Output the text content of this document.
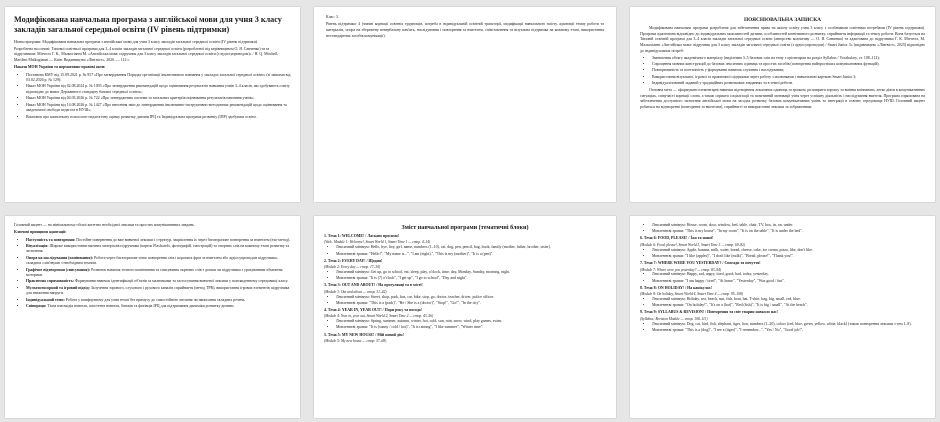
Модифікована навчальна програма з англійської мови для учня 3 класу закладів загальної середньої освіти (IV рівень підтримки)

Назва програми: Модифікована навчальна програма з англійської мови для учня 3 класу закладів загальної середньої освіти (IV рівень підтримки).

Розроблена на основі: Типової освітньої програми для 3–4 класів закладів загальної середньої освіти (розробленої під керівництвом О. Я. Савченко) та за підручником: Мітчелл Г. К., Малкогіанні М. «Англійська мова: підручник для 3 класу закладів загальної середньої освіти (з аудіосупроводом)» / Н. Q. Mitchell, Marileni Malkogianni — Київ: Видавництво «Лінгвіст», 2020. — 112 с.

Накази МОН України та нормативно-правові акти:

• Постанова КМУ від 15.09.2021 р. № 957 «Про затвердження Порядку організації інклюзивного навчання у закладах загальної середньої освіти» (зі змінами від 03.02.2026 р. № 129);
• Наказ МОН України від 02.08.2024 р. № 1093 «Про затвердження рекомендацій щодо оцінювання результатів навчання учнів 3–4 класів, які здобувають освіту відповідно до вимог Державного стандарту базової середньої освіти»;
• Наказ МОН України від 04.03.2026 р. № 722 «Про затвердження системи та загальних критеріїв оцінювання результатів навчання учнів»;
• Наказ МОН України від 14.08.2026 р. № 1427 «Про внесення змін до затвердження інклюзивно-інструктивно-методичних рекомендацій щодо оцінювання та академічної свободи педагога в НУШ»;
• Висновок про комплексну психолого-педагогічну оцінку розвитку дитини ІРЦ та Індивідуальна програма розвитку (ІПР) здобувача освіти.

Клас: 3.

Рівень підтримки: 4 (значні корекції освітніх труднощів, потреба в індивідуальній освітній траєкторії, модифікації навчального змісту, адаптації темпу роботи та матеріалів, опора на збережену невербальну пам'ять, наслідування і повторення за вчителем, співставлення та візуальна підтримка на кожному етапі, використання нестандартних засобів комунікації).

ПОЯСНЮВАЛЬНА ЗАПИСКА

Модифікована навчальна програма розроблена для забезпечення права на якісну освіту учня 3 класу з особливими освітніми потребами (IV рівень підтримки). Програма адаптована відповідно до індивідуальних можливостей дитини, особливостей когнітивного розвитку, сприйняття інформації та темпу роботи. Вона базується на Типовій освітній програмі для 3–4 класів закладів загальної середньої освіти (авторство колективу — О. Я. Савченко) та адаптована до підручника Г. К. Мітчелл, М. Малкогіанні «Англійська мова: підручник для 3 класу закладів загальної середньої освіти (з аудіосупроводом) / Smart Junior 3» (видавництво «Лінгвіст», 2025) відповідно до індивідуальних потреб:

• Зменшення обсягу академічного матеріалу (виділення 3–5 базових слів на тему з орієнтиром на розділ Syllabus / Vocabulary, ст. 108–112);
• Спрощення мовних конструкцій до базових лексичних одиниць та простих засобів (повторення найпростіших комунікативних функцій);
• Повторюваність та поетапність у формуванні навичок слухання і наслідування;
• Використання візуальної, ігрової та практичної підтримки через роботу з малюнками і навчальною карткою Smart Junior 3;
• Індивідуалізований заданий у традиційних розвиткових завданнях та в темпі роботи.

Основна мета — сформувати елементарні навички відтворення лексичних одиниць за зразком, розширити хорошу та вміння впізнавати, легко діяти в комунікативних ситуаціях, співучасті корекції слова, а також сприяти соціалізації та позитивній мотивації учня через успішну діяльність і наслідування вчителя. Програма спрямована на забезпечення доступного засвоєння англійської мови на засадах розвитку базових комунікативних умінь та інтеграції в освітнє середовище НУШ. Головний акцент робиться на відтворенні (повторенні за вчителем), сприйнятті та використанні лексики за зображенням.

Головний акцент — на мінімальному обсязі життєво необхідної лексики та простих комунікативних завдань.

Ключові принципи адаптації:

• Наступність та повторення: Постійне повернення до вже вивченої лексики і структур, закріплення їх через багаторазове повторення за вчителем (ехо-метод).
• Візуалізація: Широке використання наочних матеріалів підручника (карток Flashcards, фотографій, ілюстрацій) та опорних слів на кожному етапі розвитку та засвоєння.
• Опора на наслідування (копіювання): Робота через багаторазове чітке повторення слів і коротких фраз за вчителем або аудіосупроводом підручника, складних слів/звуків з необхідним темпом.
• Графічне відтворення (списування): Розвиток навичок точного копіювання та списування окремих слів з дошки чи підручника з урахуванням обмежень моторики.
• Практична спрямованість: Формування навичок ідентифікації об'єктів за малюнками та застосування вивченої лексики у повсякденному середовищі класу.
• Мультисенсорний та ігровий підхід: Залучення зорового, слухового і рухового каналів сприйняття (метод TPR), використання ігрових елементів підручника для зниження напруги.
• Індивідуальний темп: Робота у комфортному для учня темпі без примусу до самостійного читання чи написання складних речень.
• Співпраця: Тісна взаємодія вчителя, асистента вчителя, батьків та фахівців ІРЦ для підтримання динаміки розвитку дитини.
Зміст навчальної програми (тематичні блоки)

1. Тема 1: WELCOME! / Ласкаво просимо!

(Welc. Module 1: Welcome!, Smart World 1, Smart Time 1 — стор. 4–14)

• Лексичний мінімум: Hello, bye, boy, girl, name, numbers (1–10), cat, dog, pen, pencil, bag, book, family (mother, father, brother, sister).
• Мовленнєві зразки: "Hello!", "My name is...", "I am (eight).", "This is my (mother)", "It is a (pen)".

2. Тема 2: EVERY DAY! / Щодня!

(Module 2: Every day — стор. 17–30)

• Лексичний мінімум: Get up, go to school, eat, sleep, play, o'clock, time, day, Monday, Sunday, morning, night.
• Мовленнєві зразки: "It is (7) o'clock", "I get up", "I go to school", "Day and night".

3. Тема 3: OUT AND ABOUT! / На прогулянці та в місті!

(Module 3: Out and about — стор. 31–42)

• Лексичний мінімум: Street, shop, park, bus, car, bike, stop, go, doctor, teacher, driver, police officer.
• Мовленнєві зразки: "This is a (park)", "He / She is a (doctor)", "Stop!", "Go!", "In the city".

4. Тема 4: YEAR IN, YEAR OUT! / Пори року та погода!

(Module 4: Year in, year out, Smart World 2, Smart Time 2 — стор. 43–56)

• Лексичний мінімум: Spring, summer, autumn, winter, hot, cold, sun, rain, snow, wind, play games, swim.
• Мовленнєві зразки: "It is (sunny / cold / hot)", "It is raining", "I like summer", "Winter time".

5. Тема 5: MY NEW HOUSE! / Мій новий дім!

(Module 5: My new house — стор. 57–68)

• Лексичний мінімум: House, room, door, window, bed, table, chair, TV, box, in, on, under.
• Мовленнєві зразки: "This is my house", "In my room", "It is on the table", "It is under the bed".

6. Тема 6: FOOD, PLEASE! / Їжа та напої!

(Module 6: Food, please!, Smart World 3, Smart Time 3 — стор. 69–82)

• Лексичний мінімум: Apple, banana, milk, water, bread, cheese, cake, ice cream, pizza, like, don't like.
• Мовленнєві зразки: "I like (apples)", "I don't like (milk)", "Bread, please!", "Thank you!".

7. Тема 7: WHERE WERE YOU YESTERDAY? / Спогади та почуття!

(Module 7: Where were you yesterday? — стор. 83–94)

• Лексичний мінімум: Happy, sad, angry, tired, good, bad, today, yesterday.
• Мовленнєві зразки: "I am happy / tired", "At home", "Yesterday", "Was good / fun".

8. Тема 8: ON HOLIDAY! / На канікулах!

(Module 8: On holiday, Smart World 4, Smart Time 4 — стор. 95–108)

• Лексичний мінімум: Holiday, sea, beach, sun, fish, boat, hat, T-shirt, bag, big, small, red, blue.
• Мовленнєві зразки: "On holiday!", "It's on a (hat)", "Red (fish)", "It is big / small", "At the beach".

9. Тема 9: SYLLABUS & REVISION! / Повторення та світ тварин навколо нас!

(Syllabus; Revision Module — стор. 108–111)

• Лексичний мінімум: Dog, cat, bird, fish, elephant, tiger, lion, numbers (1–20), colors (red, blue, green, yellow, white, black) (також повторення лексики з тем 1–8).
• Мовленнєві зразки: "This is a (dog)", "I see a (tiger)", "I remember...", "Yes / No", "Good job!".
